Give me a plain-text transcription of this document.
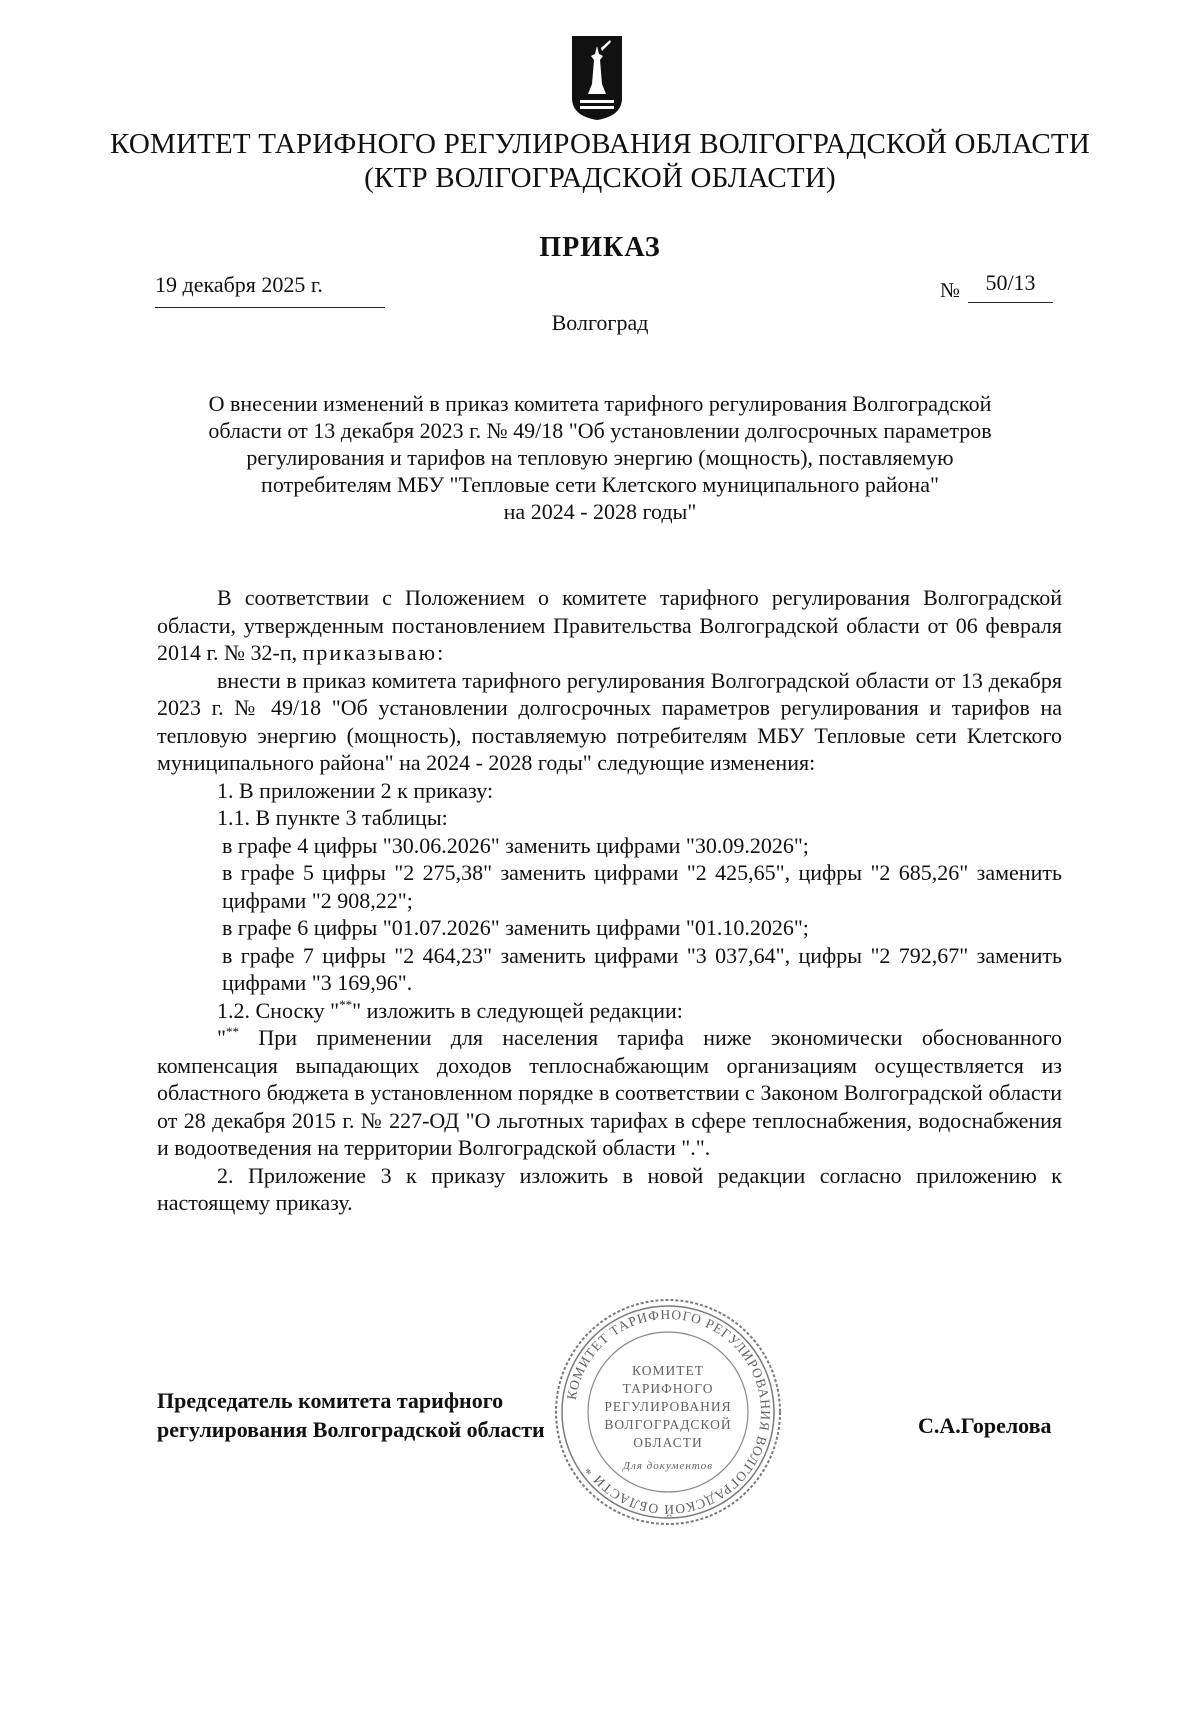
КОМИТЕТ ТАРИФНОГО РЕГУЛИРОВАНИЯ ВОЛГОГРАДСКОЙ ОБЛАСТИ
(КТР ВОЛГОГРАДСКОЙ ОБЛАСТИ)
ПРИКАЗ
19 декабря 2025 г.	№	50/13
Волгоград
О внесении изменений в приказ комитета тарифного регулирования Волгоградской
области от 13 декабря 2023 г. № 49/18 "Об установлении долгосрочных параметров
регулирования и тарифов на тепловую энергию (мощность), поставляемую
потребителям МБУ "Тепловые сети Клетского муниципального района"
на 2024 - 2028 годы"

В соответствии с Положением о комитете тарифного регулирования Волгоградской области, утвержденным постановлением Правительства Волгоградской области от 06 февраля 2014 г. № 32-п, приказываю:

внести в приказ комитета тарифного регулирования Волгоградской области от 13 декабря 2023 г. № 49/18 "Об установлении долгосрочных параметров регулирования и тарифов на тепловую энергию (мощность), поставляемую потребителям МБУ Тепловые сети Клетского муниципального района" на 2024 - 2028 годы" следующие изменения:

1. В приложении 2 к приказу:

1.1. В пункте 3 таблицы:

в графе 4 цифры "30.06.2026" заменить цифрами "30.09.2026";

в графе 5 цифры "2 275,38" заменить цифрами "2 425,65", цифры "2 685,26" заменить цифрами "2 908,22";

в графе 6 цифры "01.07.2026" заменить цифрами "01.10.2026";

в графе 7 цифры "2 464,23" заменить цифрами "3 037,64", цифры "2 792,67" заменить цифрами "3 169,96".

1.2. Сноску "**" изложить в следующей редакции:

"** При применении для населения тарифа ниже экономически обоснованного компенсация выпадающих доходов теплоснабжающим организациям осуществляется из областного бюджета в установленном порядке в соответствии с Законом Волгоградской области от 28 декабря 2015 г. № 227-ОД "О льготных тарифах в сфере теплоснабжения, водоснабжения и водоотведения на территории Волгоградской области ".".

2. Приложение 3 к приказу изложить в новой редакции согласно приложению к настоящему приказу.

КОМИТЕТ ТАРИФНОГО РЕГУЛИРОВАНИЯ ВОЛГОГРАДСКОЙ ОБЛАСТИ *
КОМИТЕТ
ТАРИФНОГО
РЕГУЛИРОВАНИЯ
ВОЛГОГРАДСКОЙ
ОБЛАСТИ
Для документов
Председатель комитета тарифного
регулирования Волгоградской области	С.А.Горелова
